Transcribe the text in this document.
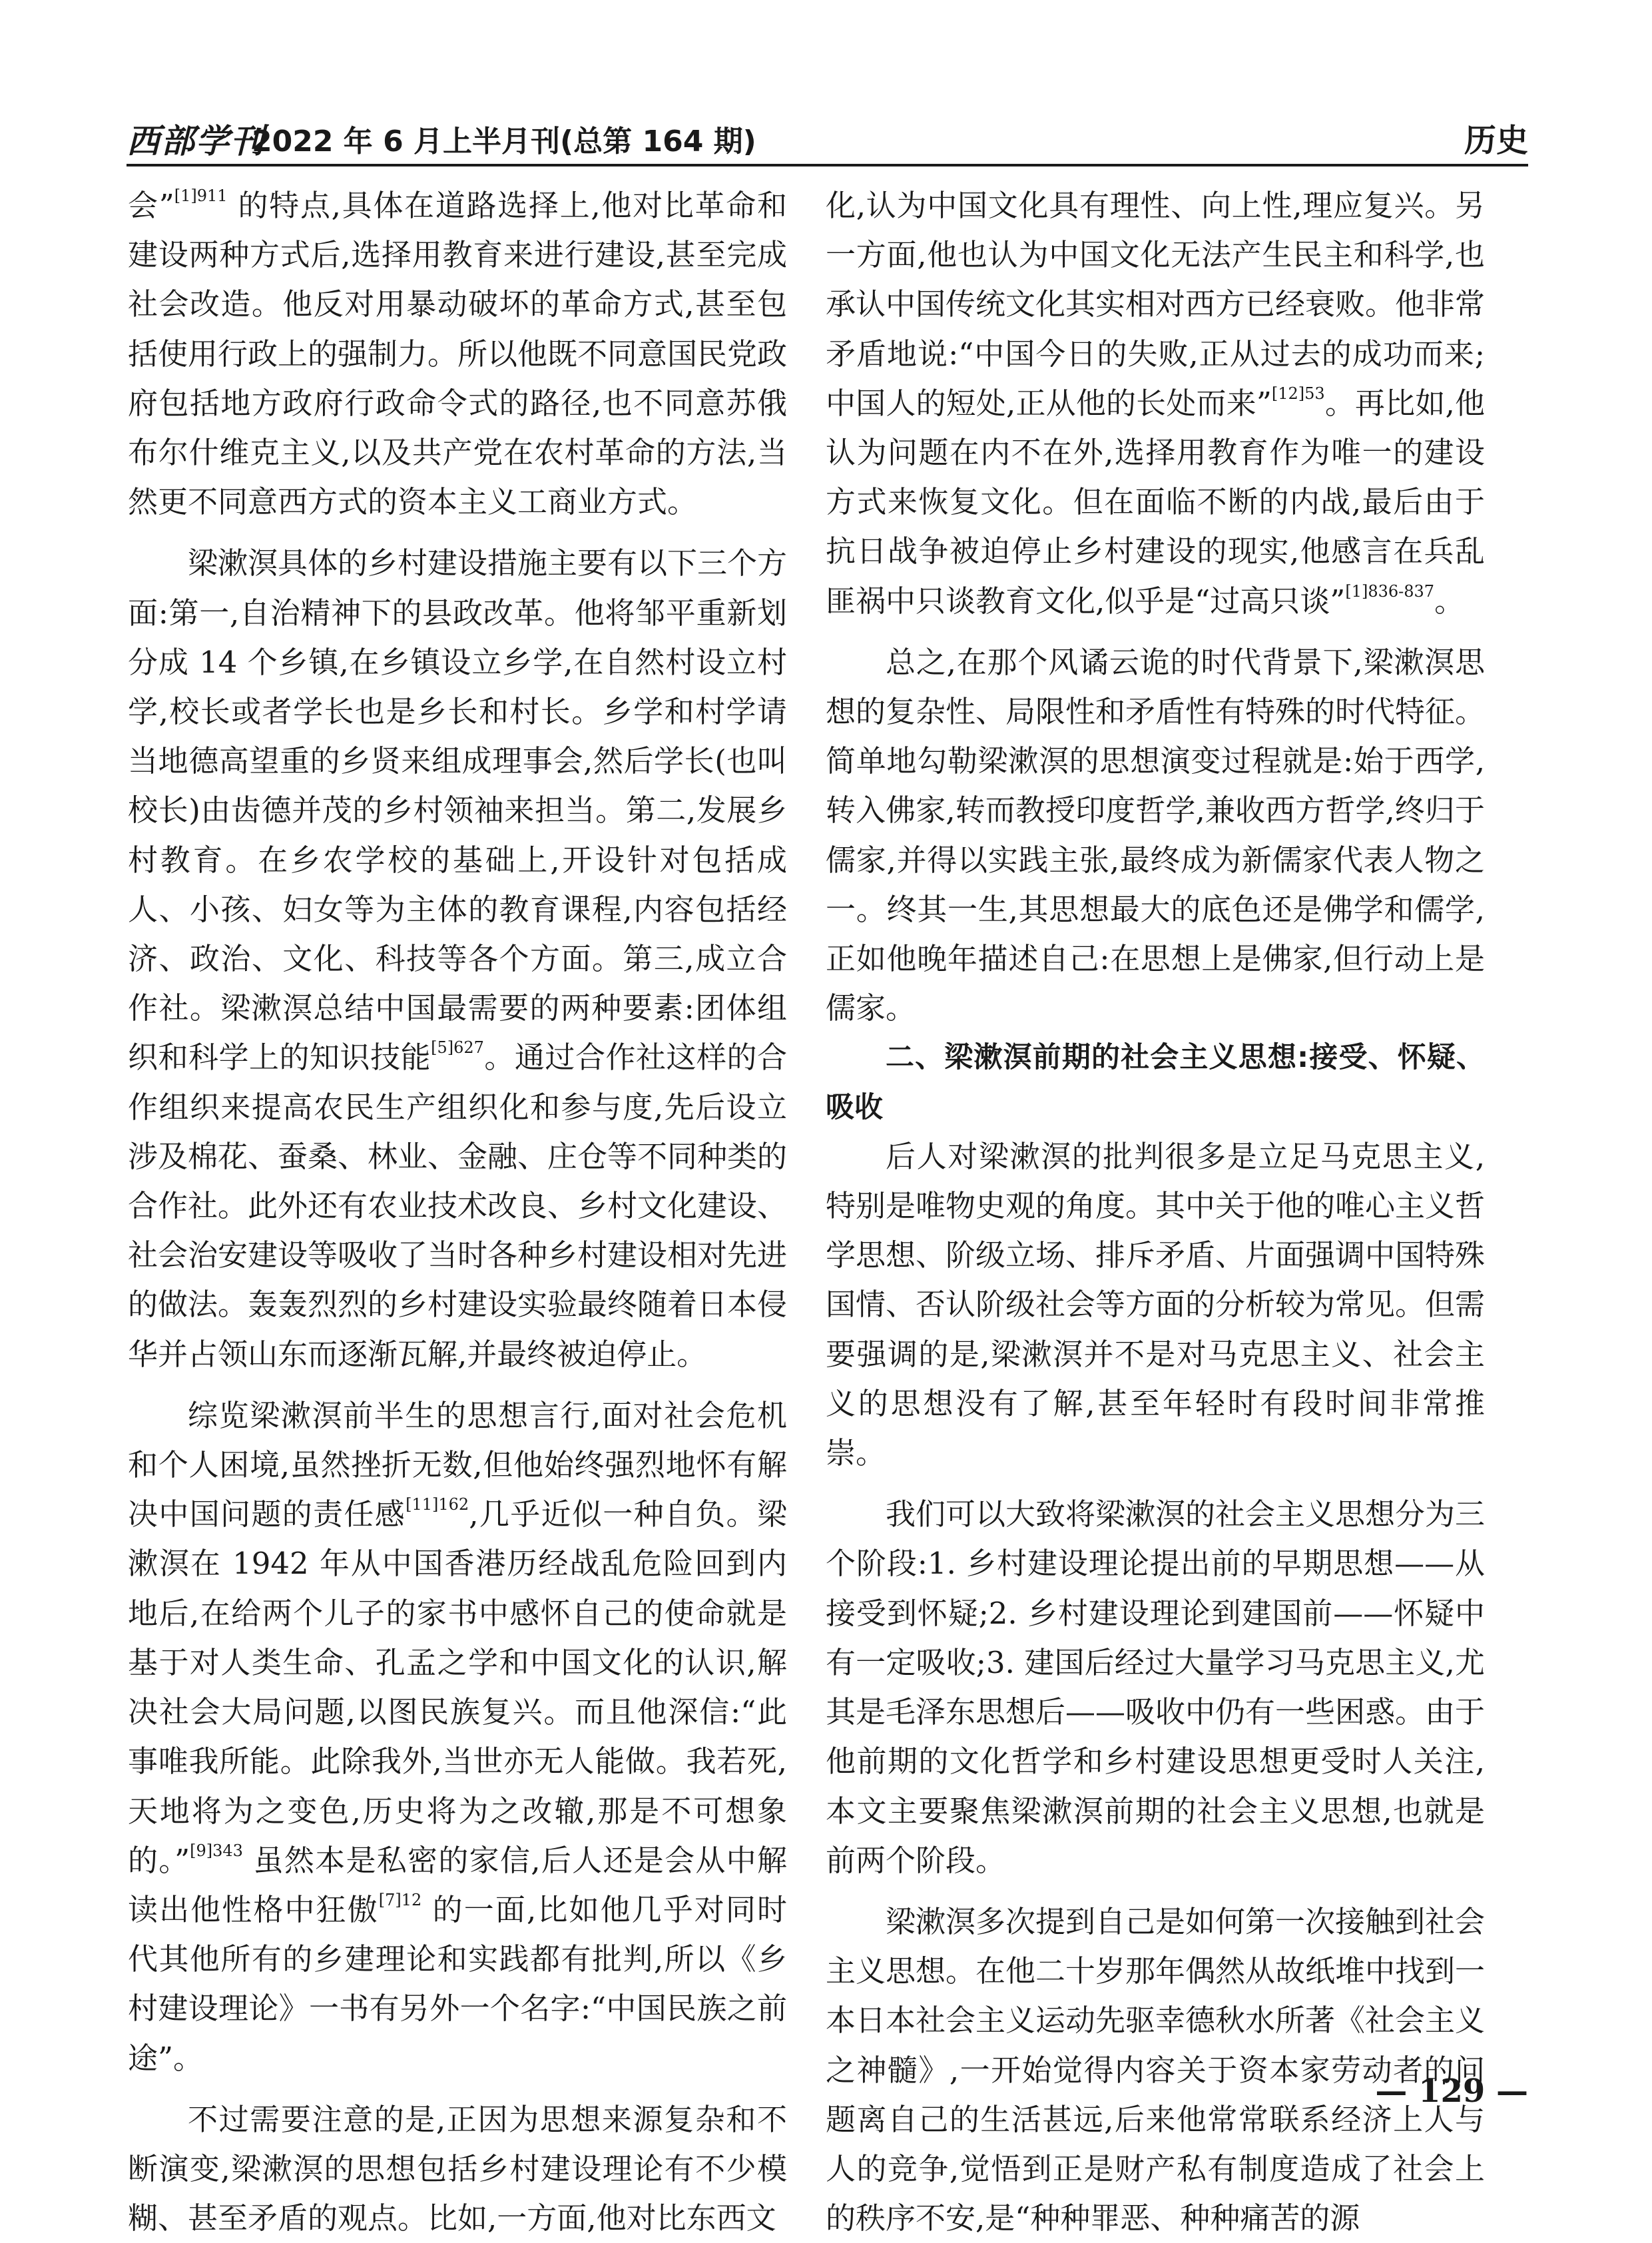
西部学刊
2022 年 6 月上半月刊(总第 164 期)	历史

会”$^{[1]911}$ 的特点,具体在道路选择上,他对比革命和建设两种方式后,选择用教育来进行建设,甚至完成社会改造。他反对用暴动破坏的革命方式,甚至包括使用行政上的强制力。所以他既不同意国民党政府包括地方政府行政命令式的路径,也不同意苏俄布尔什维克主义,以及共产党在农村革命的方法,当然更不同意西方式的资本主义工商业方式。

梁漱溟具体的乡村建设措施主要有以下三个方面:第一,自治精神下的县政改革。他将邹平重新划分成 14 个乡镇,在乡镇设立乡学,在自然村设立村学,校长或者学长也是乡长和村长。乡学和村学请当地德高望重的乡贤来组成理事会,然后学长(也叫校长)由齿德并茂的乡村领袖来担当。第二,发展乡村教育。在乡农学校的基础上,开设针对包括成人、小孩、妇女等为主体的教育课程,内容包括经济、政治、文化、科技等各个方面。第三,成立合作社。梁漱溟总结中国最需要的两种要素:团体组织和科学上的知识技能$^{[5]627}$。通过合作社这样的合作组织来提高农民生产组织化和参与度,先后设立涉及棉花、蚕桑、林业、金融、庄仓等不同种类的合作社。此外还有农业技术改良、乡村文化建设、社会治安建设等吸收了当时各种乡村建设相对先进的做法。轰轰烈烈的乡村建设实验最终随着日本侵华并占领山东而逐渐瓦解,并最终被迫停止。

综览梁漱溟前半生的思想言行,面对社会危机和个人困境,虽然挫折无数,但他始终强烈地怀有解决中国问题的责任感$^{[11]162}$,几乎近似一种自负。梁漱溟在 1942 年从中国香港历经战乱危险回到内地后,在给两个儿子的家书中感怀自己的使命就是基于对人类生命、孔孟之学和中国文化的认识,解决社会大局问题,以图民族复兴。而且他深信:“此事唯我所能。此除我外,当世亦无人能做。我若死,天地将为之变色,历史将为之改辙,那是不可想象的。”$^{[9]343}$ 虽然本是私密的家信,后人还是会从中解读出他性格中狂傲$^{[7]12}$ 的一面,比如他几乎对同时代其他所有的乡建理论和实践都有批判,所以《乡村建设理论》一书有另外一个名字:“中国民族之前途”。

不过需要注意的是,正因为思想来源复杂和不断演变,梁漱溟的思想包括乡村建设理论有不少模糊、甚至矛盾的观点。比如,一方面,他对比东西文

化,认为中国文化具有理性、向上性,理应复兴。另一方面,他也认为中国文化无法产生民主和科学,也承认中国传统文化其实相对西方已经衰败。他非常矛盾地说:“中国今日的失败,正从过去的成功而来;中国人的短处,正从他的长处而来”$^{[12]53}$。再比如,他认为问题在内不在外,选择用教育作为唯一的建设方式来恢复文化。但在面临不断的内战,最后由于抗日战争被迫停止乡村建设的现实,他感言在兵乱匪祸中只谈教育文化,似乎是“过高只谈”$^{[1]836-837}$。

总之,在那个风谲云诡的时代背景下,梁漱溟思想的复杂性、局限性和矛盾性有特殊的时代特征。简单地勾勒梁漱溟的思想演变过程就是:始于西学,转入佛家,转而教授印度哲学,兼收西方哲学,终归于儒家,并得以实践主张,最终成为新儒家代表人物之一。终其一生,其思想最大的底色还是佛学和儒学,正如他晚年描述自己:在思想上是佛家,但行动上是儒家。

二、梁漱溟前期的社会主义思想:接受、怀疑、吸收

后人对梁漱溟的批判很多是立足马克思主义,特别是唯物史观的角度。其中关于他的唯心主义哲学思想、阶级立场、排斥矛盾、片面强调中国特殊国情、否认阶级社会等方面的分析较为常见。但需要强调的是,梁漱溟并不是对马克思主义、社会主义的思想没有了解,甚至年轻时有段时间非常推崇。

我们可以大致将梁漱溟的社会主义思想分为三个阶段:1. 乡村建设理论提出前的早期思想——从接受到怀疑;2. 乡村建设理论到建国前——怀疑中有一定吸收;3. 建国后经过大量学习马克思主义,尤其是毛泽东思想后——吸收中仍有一些困惑。由于他前期的文化哲学和乡村建设思想更受时人关注,本文主要聚焦梁漱溟前期的社会主义思想,也就是前两个阶段。

梁漱溟多次提到自己是如何第一次接触到社会主义思想。在他二十岁那年偶然从故纸堆中找到一本日本社会主义运动先驱幸德秋水所著《社会主义之神髓》,一开始觉得内容关于资本家劳动者的问题离自己的生活甚远,后来他常常联系经济上人与人的竞争,觉悟到正是财产私有制度造成了社会上的秩序不安,是“种种罪恶、种种痛苦的源

— 129 —
